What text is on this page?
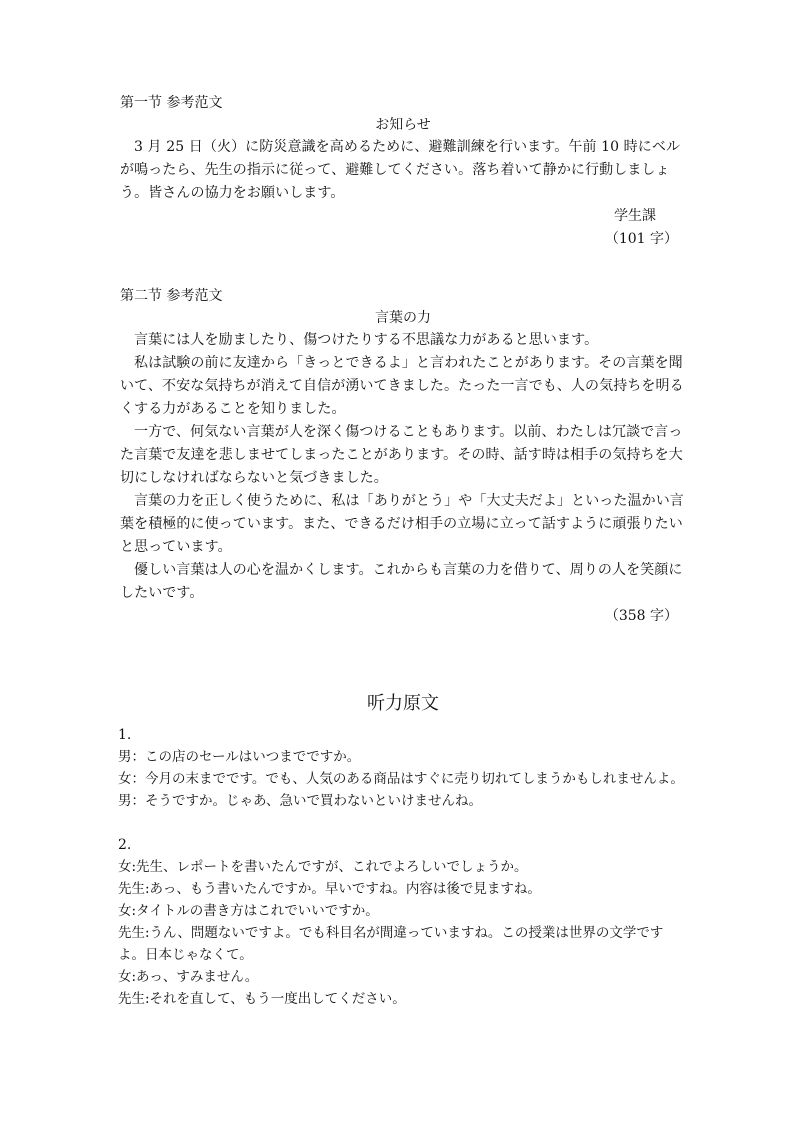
第一节 参考范文
お知らせ
3 月 25 日（火）に防災意識を高めるために、避難訓練を行います。午前 10 時にベルが鳴ったら、先生の指示に従って、避難してください。落ち着いて静かに行動しましょう。皆さんの協力をお願いします。
学生課
（101 字）
第二节 参考范文
言葉の力
言葉には人を励ましたり、傷つけたりする不思議な力があると思います。
私は試験の前に友達から「きっとできるよ」と言われたことがあります。その言葉を聞いて、不安な気持ちが消えて自信が湧いてきました。たった一言でも、人の気持ちを明るくする力があることを知りました。
一方で、何気ない言葉が人を深く傷つけることもあります。以前、わたしは冗談で言った言葉で友達を悲しませてしまったことがあります。その時、話す時は相手の気持ちを大切にしなければならないと気づきました。
言葉の力を正しく使うために、私は「ありがとう」や「大丈夫だよ」といった温かい言葉を積極的に使っています。また、できるだけ相手の立場に立って話すように頑張りたいと思っています。
優しい言葉は人の心を温かくします。これからも言葉の力を借りて、周りの人を笑顔にしたいです。
（358 字）
听力原文
1.
男：この店のセールはいつまでですか。
女：今月の末までです。でも、人気のある商品はすぐに売り切れてしまうかもしれませんよ。
男：そうですか。じゃあ、急いで買わないといけませんね。
2.
女:先生、レポートを書いたんですが、これでよろしいでしょうか。
先生:あっ、もう書いたんですか。早いですね。内容は後で見ますね。
女:タイトルの書き方はこれでいいですか。
先生:うん、問題ないですよ。でも科目名が間違っていますね。この授業は世界の文学ですよ。日本じゃなくて。
女:あっ、すみません。
先生:それを直して、もう一度出してください。
